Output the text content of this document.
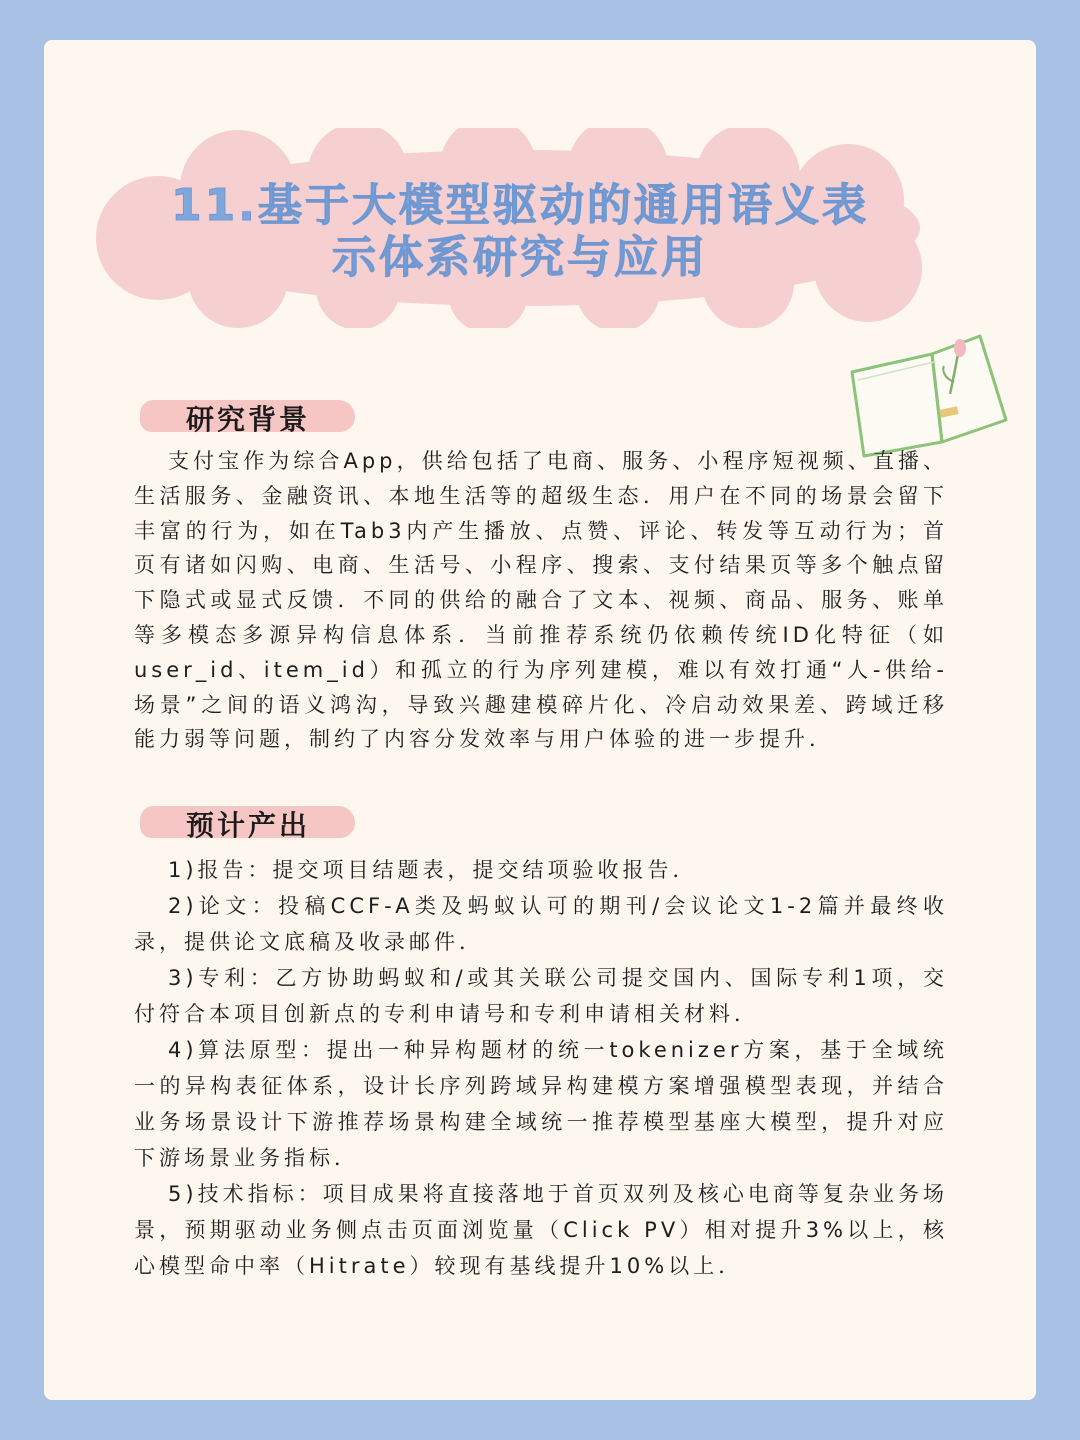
11.基于大模型驱动的通用语义表示体系研究与应用
研究背景

支付宝作为综合App，供给包括了电商、服务、小程序短视频、直播、生活服务、金融资讯、本地生活等的超级生态．用户在不同的场景会留下丰富的行为，如在Tab3内产生播放、点赞、评论、转发等互动行为；首页有诸如闪购、电商、生活号、小程序、搜索、支付结果页等多个触点留下隐式或显式反馈．不同的供给的融合了文本、视频、商品、服务、账单等多模态多源异构信息体系．当前推荐系统仍依赖传统ID化特征（如user_id、item_id）和孤立的行为序列建模，难以有效打通“人-供给-场景”之间的语义鸿沟，导致兴趣建模碎片化、冷启动效果差、跨域迁移能力弱等问题，制约了内容分发效率与用户体验的进一步提升．

预计产出

1)报告：提交项目结题表，提交结项验收报告．

2)论文：投稿CCF-A类及蚂蚁认可的期刊/会议论文1-2篇并最终收录，提供论文底稿及收录邮件．

3)专利：乙方协助蚂蚁和/或其关联公司提交国内、国际专利1项，交付符合本项目创新点的专利申请号和专利申请相关材料．

4)算法原型：提出一种异构题材的统一tokenizer方案，基于全域统一的异构表征体系，设计长序列跨域异构建模方案增强模型表现，并结合业务场景设计下游推荐场景构建全域统一推荐模型基座大模型，提升对应下游场景业务指标．

5)技术指标：项目成果将直接落地于首页双列及核心电商等复杂业务场景，预期驱动业务侧点击页面浏览量（Click PV）相对提升3%以上，核心模型命中率（Hitrate）较现有基线提升10%以上．
